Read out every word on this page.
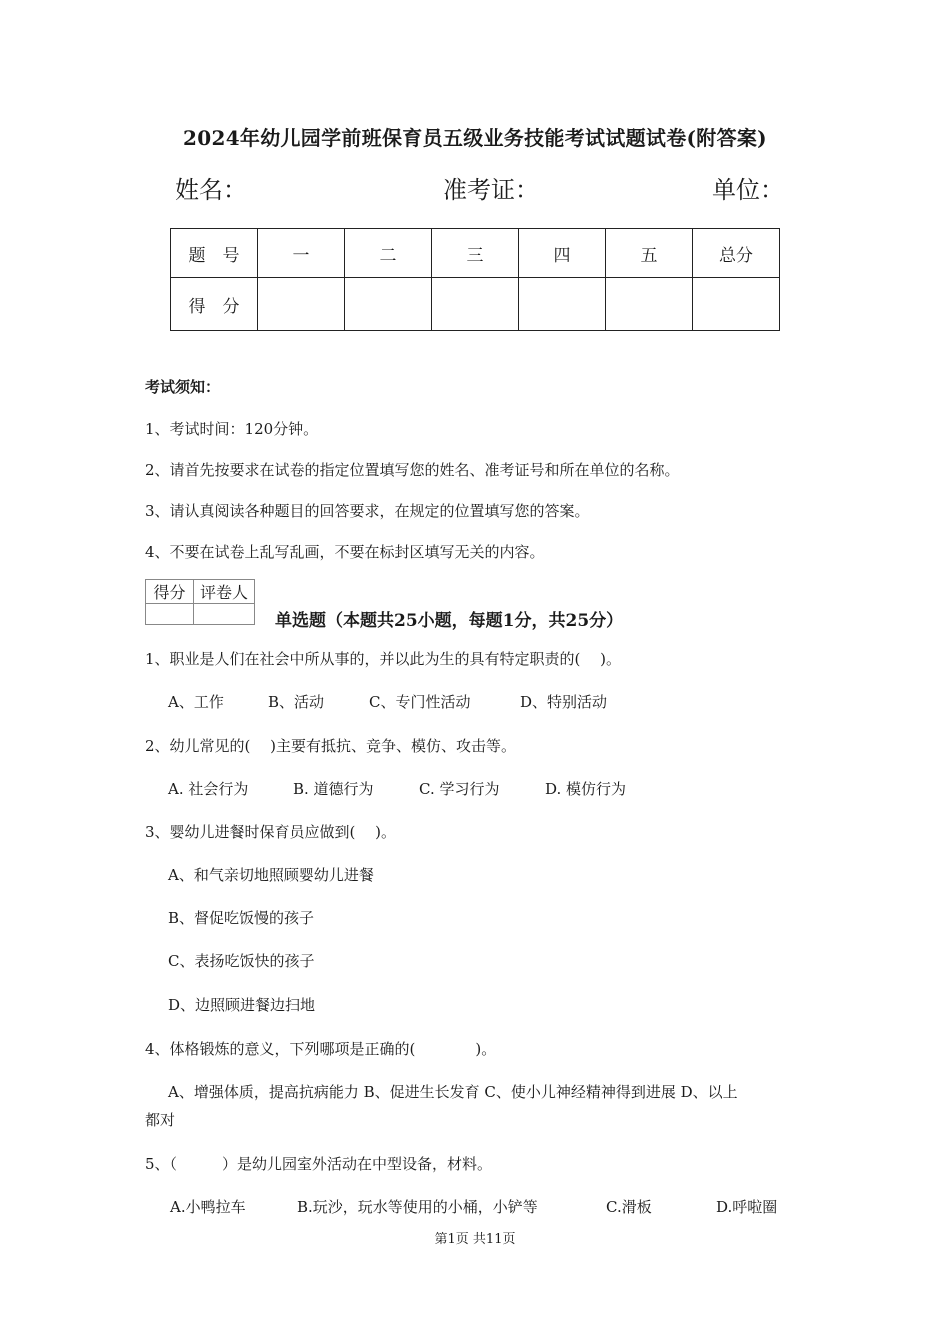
2024年幼儿园学前班保育员五级业务技能考试试题试卷(附答案)
姓名：	准考证：	单位：
题　号	一	二	三	四	五	总分
得　分						
考试须知：
1、考试时间：120分钟。
2、请首先按要求在试卷的指定位置填写您的姓名、准考证号和所在单位的名称。
3、请认真阅读各种题目的回答要求，在规定的位置填写您的答案。
4、不要在试卷上乱写乱画，不要在标封区填写无关的内容。
得分	评卷人

单选题（本题共25小题，每题1分，共25分）
1、职业是人们在社会中所从事的，并以此为生的具有特定职责的(　 )。
A、工作	B、活动	C、专门性活动	D、特别活动
2、幼儿常见的(　 )主要有抵抗、竞争、模仿、攻击等。
A. 社会行为	B. 道德行为	C. 学习行为	D. 模仿行为
3、婴幼儿进餐时保育员应做到(　 )。
A、和气亲切地照顾婴幼儿进餐
B、督促吃饭慢的孩子
C、表扬吃饭快的孩子
D、边照顾进餐边扫地
4、体格锻炼的意义，下列哪项是正确的(　　　　)。
A、增强体质，提高抗病能力 B、促进生长发育 C、使小儿神经精神得到进展 D、以上
都对
5、（　　　）是幼儿园室外活动在中型设备，材料。
A.小鸭拉车	B.玩沙，玩水等使用的小桶，小铲等	C.滑板	D.呼啦圈
第1页 共11页
